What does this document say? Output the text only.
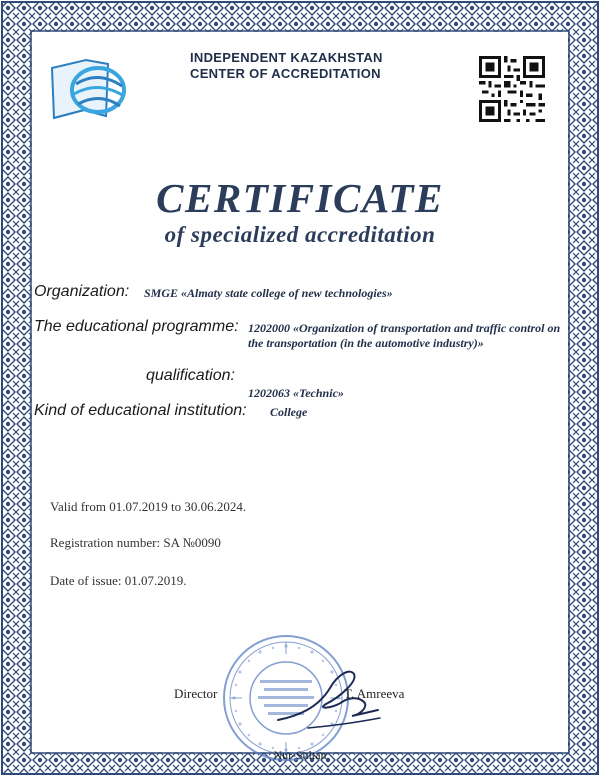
INDEPENDENT KAZAKHSTAN
CENTER OF ACCREDITATION
CERTIFICATE
of specialized accreditation
Organization: SMGE «Almaty state college of new technologies»
The educational programme: 1202000 «Organization of transportation and traffic control on the transportation (in the automotive industry)»
qualification:
1202063 «Technic»
Kind of educational institution: College
Valid from 01.07.2019 to 30.06.2024.
Registration number: SA №0090
Date of issue: 01.07.2019.
Director	T. Amreeva
Nur-Sultan
